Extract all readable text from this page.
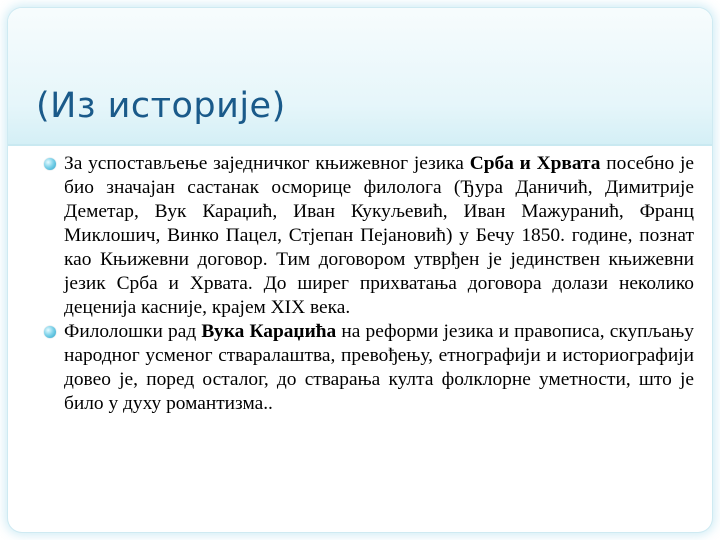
(Из историје)
За успостављење заједничког књижевног језика Срба и Хрвата посебно је био значајан састанак осморице филолога (Ђура Даничић, Димитрије Деметар, Вук Караџић, Иван Кукуљевић, Иван Мажуранић, Франц Миклошич, Винко Пацел, Стјепан Пејановић) у Бечу 1850. године, познат као Књижевни договор. Тим договором утврђен је јединствен књижевни језик Срба и Хрвата. До ширег прихватања договора долази неколико деценија касније, крајем XIX века.
Филолошки рад Вука Караџића на реформи језика и правописа, скупљању народног усменог стваралаштва, превођењу, етнографији и историографији довео је, поред осталог, до стварања култа фолклорне уметности, што је било у духу романтизма..
